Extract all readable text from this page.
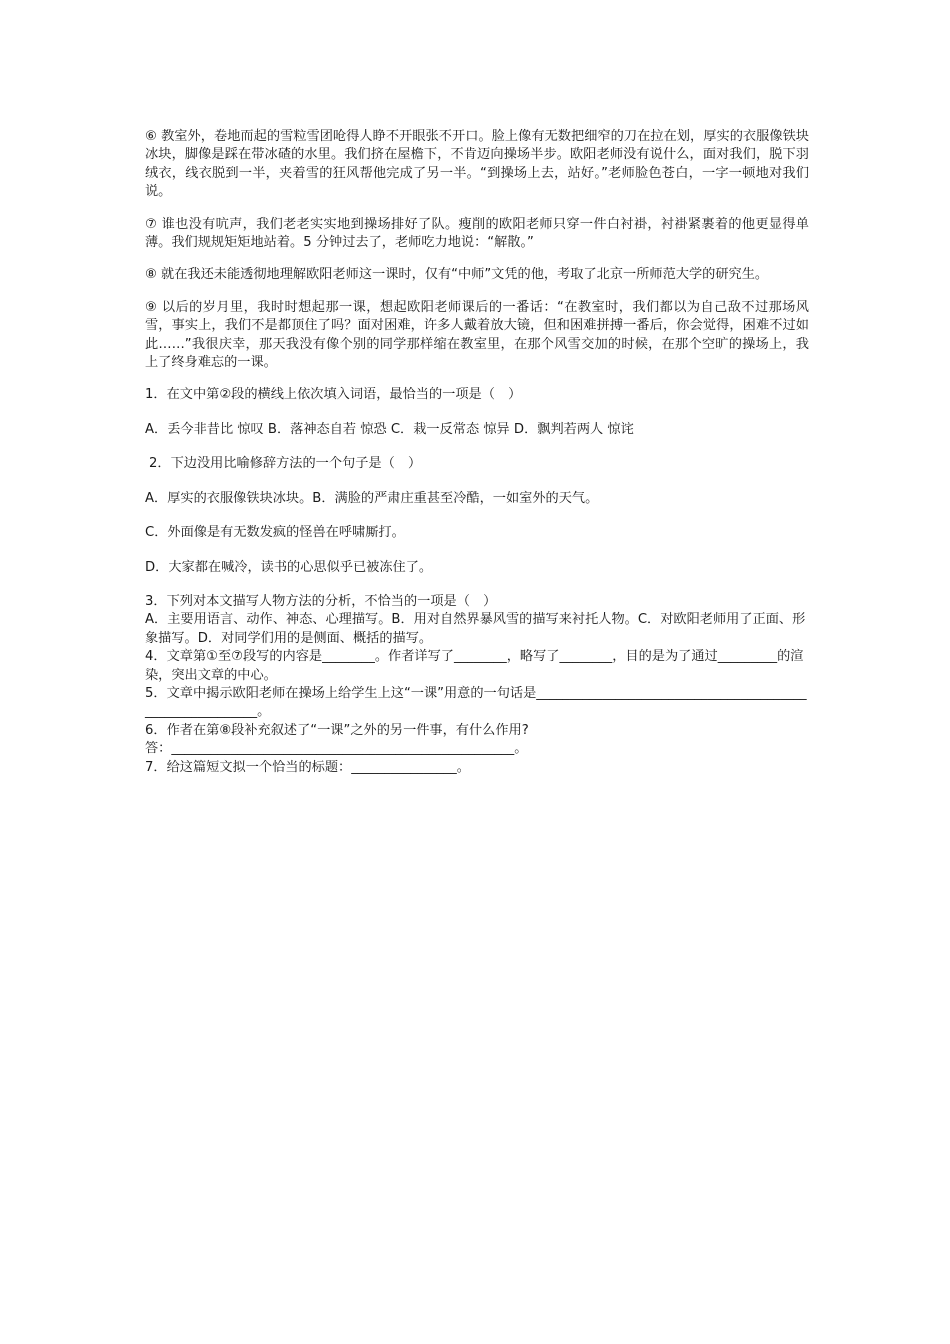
⑥ 教室外，卷地而起的雪粒雪团呛得人睁不开眼张不开口。脸上像有无数把细窄的刀在拉在划，厚实的衣服像铁块冰块，脚像是踩在带冰碴的水里。我们挤在屋檐下，不肯迈向操场半步。欧阳老师没有说什么，面对我们，脱下羽绒衣，线衣脱到一半，夹着雪的狂风帮他完成了另一半。“到操场上去，站好。”老师脸色苍白，一字一顿地对我们说。

⑦ 谁也没有吭声，我们老老实实地到操场排好了队。瘦削的欧阳老师只穿一件白衬褂，衬褂紧裹着的他更显得单薄。我们规规矩矩地站着。5 分钟过去了，老师吃力地说：“解散。”

⑧ 就在我还未能透彻地理解欧阳老师这一课时，仅有“中师”文凭的他，考取了北京一所师范大学的研究生。

⑨ 以后的岁月里，我时时想起那一课，想起欧阳老师课后的一番话：“在教室时，我们都以为自己敌不过那场风雪，事实上，我们不是都顶住了吗？面对困难，许多人戴着放大镜，但和困难拼搏一番后，你会觉得，困难不过如此……”我很庆幸，那天我没有像个别的同学那样缩在教室里，在那个风雪交加的时候，在那个空旷的操场上，我上了终身难忘的一课。

1．在文中第②段的横线上依次填入词语，最恰当的一项是（　）

A．丢今非昔比 惊叹 B．落神态自若 惊恐 C．栽一反常态 惊异 D．飘判若两人 惊诧

2．下边没用比喻修辞方法的一个句子是（　）

A．厚实的衣服像铁块冰块。B．满脸的严肃庄重甚至冷酷，一如室外的天气。

C．外面像是有无数发疯的怪兽在呼啸厮打。

D．大家都在喊冷，读书的心思似乎已被冻住了。

3．下列对本文描写人物方法的分析，不恰当的一项是（　）

A．主要用语言、动作、神态、心理描写。B．用对自然界暴风雪的描写来衬托人物。C．对欧阳老师用了正面、形象描写。D．对同学们用的是侧面、概括的描写。

4．文章第①至⑦段写的内容是________。作者详写了________，略写了________，目的是为了通过_________的渲染，突出文章的中心。

5．文章中揭示欧阳老师在操场上给学生上这“一课”用意的一句话是__________________________________________________________。

6．作者在第⑧段补充叙述了“一课”之外的另一件事，有什么作用?

答：____________________________________________________。

7．给这篇短文拟一个恰当的标题：________________。
